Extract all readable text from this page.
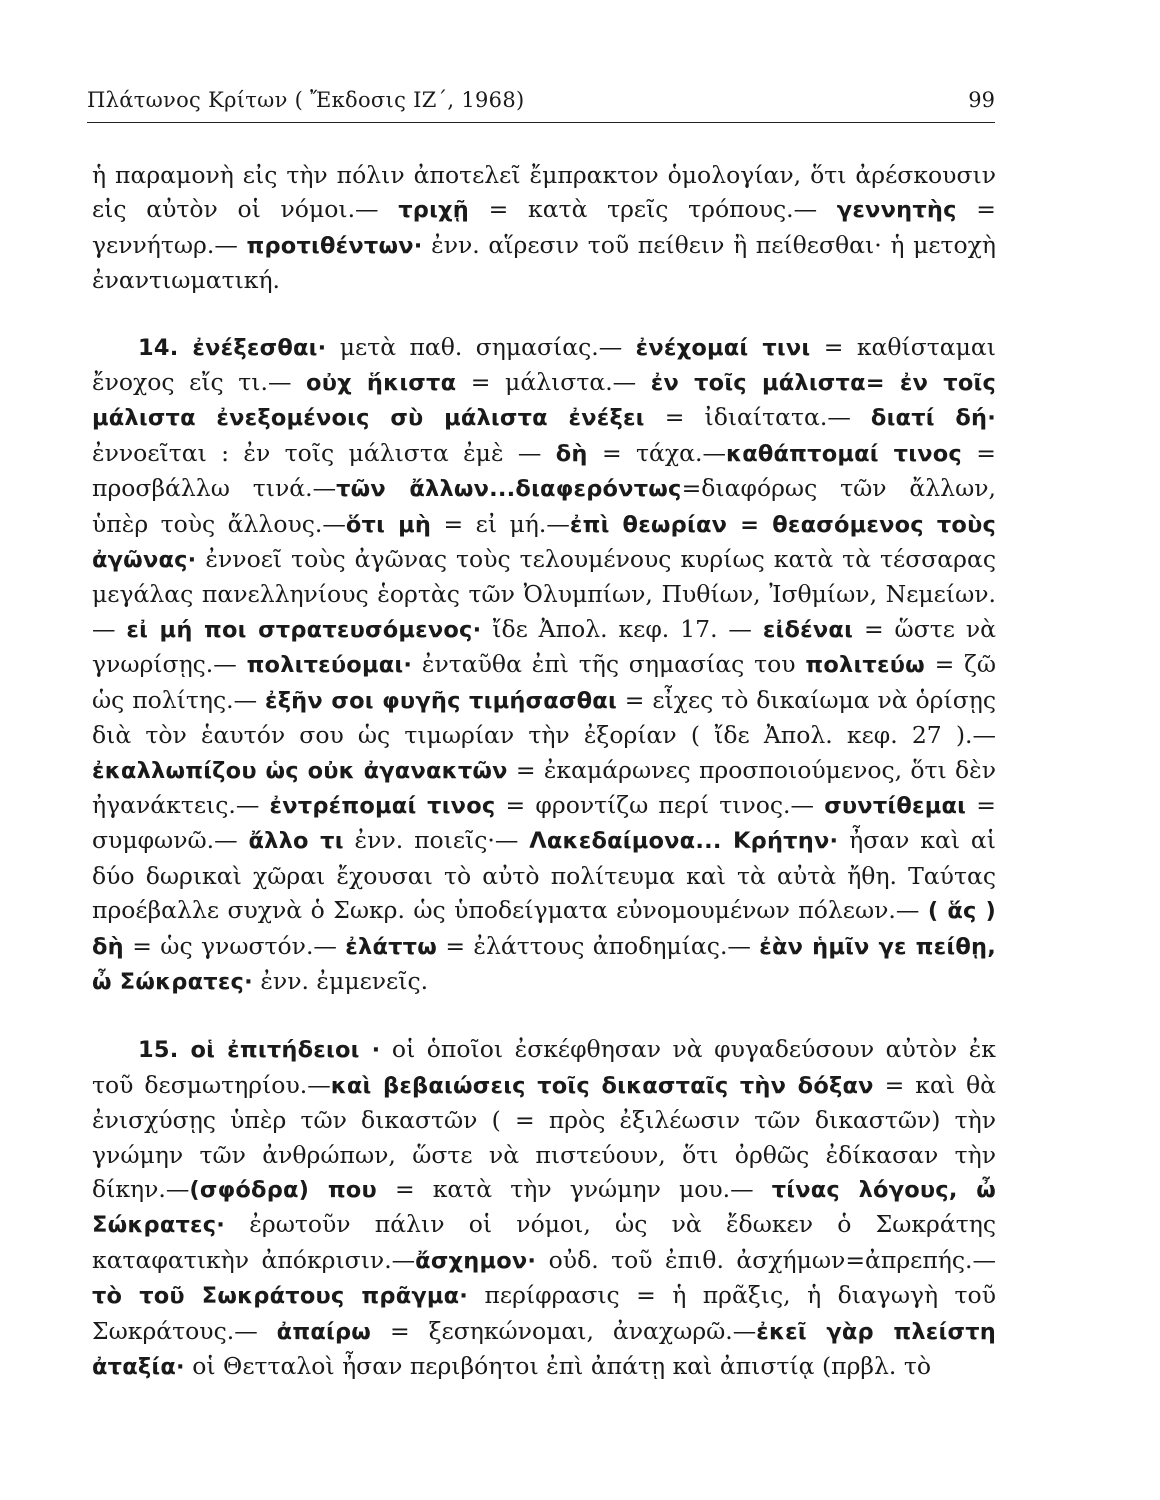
Πλάτωνος Κρίτων ( Ἔκδοσις ΙΖ΄, 1968)	99

ἡ παραμονὴ εἰς τὴν πόλιν ἀποτελεῖ ἔμπρακτον ὁμολογίαν, ὅτι ἀρέσκουσιν εἰς αὐτὸν οἱ νόμοι.— τριχῇ = κατὰ τρεῖς τρόπους.— γεννητὴς = γεννήτωρ.— προτιθέντων· ἐνν. αἵρεσιν τοῦ πείθειν ἢ πείθεσθαι· ἡ μετοχὴ ἐναντιωματική.

14. ἐνέξεσθαι· μετὰ παθ. σημασίας.— ἐνέχομαί τινι = καθίσταμαι ἔνοχος εἴς τι.— οὐχ ἥκιστα = μάλιστα.— ἐν τοῖς μάλιστα= ἐν τοῖς μάλιστα ἐνεξομένοις σὺ μάλιστα ἐνέξει = ἰδιαίτατα.— διατί δή· ἐννοεῖται : ἐν τοῖς μάλιστα ἐμὲ — δὴ = τάχα.—καθάπτομαί τινος = προσβάλλω τινά.—τῶν ἄλλων...διαφερόντως=διαφόρως τῶν ἄλλων, ὑπὲρ τοὺς ἄλλους.—ὅτι μὴ = εἰ μή.—ἐπὶ θεωρίαν = θεασόμενος τοὺς ἀγῶνας· ἐννοεῖ τοὺς ἀγῶνας τοὺς τελουμένους κυρίως κατὰ τὰ τέσσαρας μεγάλας πανελληνίους ἑορτὰς τῶν Ὀλυμπίων, Πυθίων, Ἰσθμίων, Νεμείων. — εἰ μή ποι στρατευσόμενος· ἴδε Ἀπολ. κεφ. 17. — εἰδέναι = ὥστε νὰ γνωρίσῃς.— πολιτεύομαι· ἐνταῦθα ἐπὶ τῆς σημασίας του πολιτεύω = ζῶ ὡς πολίτης.— ἐξῆν σοι φυγῆς τιμήσασθαι = εἶχες τὸ δικαίωμα νὰ ὁρίσῃς διὰ τὸν ἑαυτόν σου ὡς τιμωρίαν τὴν ἐξορίαν ( ἴδε Ἀπολ. κεφ. 27 ).— ἐκαλλωπίζου ὡς οὐκ ἀγανακτῶν = ἐκαμάρωνες προσποιούμενος, ὅτι δὲν ἠγανάκτεις.— ἐντρέπομαί τινος = φροντίζω περί τινος.— συντίθεμαι = συμφωνῶ.— ἄλλο τι ἐνν. ποιεῖς·— Λακεδαίμονα... Κρήτην· ἦσαν καὶ αἱ δύο δωρικαὶ χῶραι ἔχουσαι τὸ αὐτὸ πολίτευμα καὶ τὰ αὐτὰ ἤθη. Ταύτας προέβαλλε συχνὰ ὁ Σωκρ. ὡς ὑποδείγματα εὐνομουμένων πόλεων.— ( ἅς ) δὴ = ὡς γνωστόν.— ἐλάττω = ἐλάττους ἀποδημίας.— ἐὰν ἡμῖν γε πείθῃ, ὦ Σώκρατες· ἐνν. ἐμμενεῖς.

15. οἱ ἐπιτήδειοι · οἱ ὁποῖοι ἐσκέφθησαν νὰ φυγαδεύσουν αὐτὸν ἐκ τοῦ δεσμωτηρίου.—καὶ βεβαιώσεις τοῖς δικασταῖς τὴν δόξαν = καὶ θὰ ἐνισχύσῃς ὑπὲρ τῶν δικαστῶν ( = πρὸς ἐξιλέωσιν τῶν δικαστῶν) τὴν γνώμην τῶν ἀνθρώπων, ὥστε νὰ πιστεύουν, ὅτι ὀρθῶς ἐδίκασαν τὴν δίκην.—(σφόδρα) που = κατὰ τὴν γνώμην μου.— τίνας λόγους, ὦ Σώκρατες· ἐρωτοῦν πάλιν οἱ νόμοι, ὡς νὰ ἔδωκεν ὁ Σωκράτης καταφατικὴν ἀπόκρισιν.—ἄσχημον· οὐδ. τοῦ ἐπιθ. ἀσχήμων=ἀπρεπής.— τὸ τοῦ Σωκράτους πρᾶγμα· περίφρασις = ἡ πρᾶξις, ἡ διαγωγὴ τοῦ Σωκράτους.— ἀπαίρω = ξεσηκώνομαι, ἀναχωρῶ.—ἐκεῖ γὰρ πλείστη ἀταξία· οἱ Θετταλοὶ ἦσαν περιβόητοι ἐπὶ ἀπάτῃ καὶ ἀπιστίᾳ (πρβλ. τὸ
